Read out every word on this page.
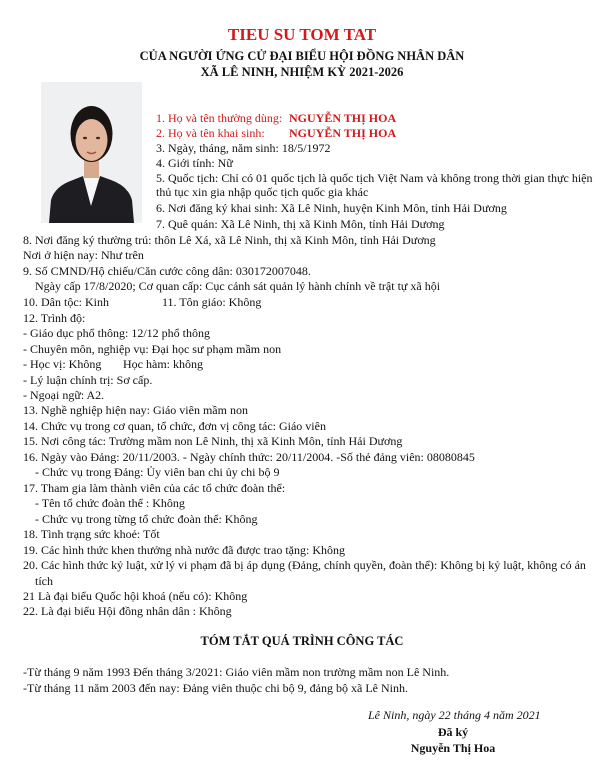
TIEU SU TOM TAT
CỦA NGƯỜI ỨNG CỬ ĐẠI BIỂU HỘI ĐỒNG NHÂN DÂN
XÃ LÊ NINH, NHIỆM KỲ 2021-2026
1. Họ và tên thường dùng: NGUYỄN THỊ HOA
2. Họ và tên khai sinh: NGUYỄN THỊ HOA
3. Ngày, tháng, năm sinh: 18/5/1972
4. Giới tính: Nữ
5. Quốc tịch: Chỉ có 01 quốc tịch là quốc tịch Việt Nam và không trong thời gian thực hiện
thủ tục xin gia nhập quốc tịch quốc gia khác
6. Nơi đăng ký khai sinh: Xã Lê Ninh, huyện Kinh Môn, tỉnh Hải Dương
7. Quê quán: Xã Lê Ninh, thị xã Kinh Môn, tỉnh Hải Dương
8. Nơi đăng ký thường trú: thôn Lê Xá, xã Lê Ninh, thị xã Kinh Môn, tỉnh Hải Dương
Nơi ở hiện nay: Như trên
9. Số CMND/Hộ chiếu/Căn cước công dân: 030172007048.
Ngày cấp 17/8/2020; Cơ quan cấp: Cục cảnh sát quản lý hành chính về trật tự xã hội
10. Dân tộc: Kinh	11. Tôn giáo: Không
12. Trình độ:
- Giáo dục phổ thông: 12/12 phổ thông
- Chuyên môn, nghiệp vụ: Đại học sư phạm mầm non
- Học vị: Không Học hàm: không
- Lý luận chính trị: Sơ cấp.
- Ngoại ngữ: A2.
13. Nghề nghiệp hiện nay: Giáo viên mầm non
14. Chức vụ trong cơ quan, tổ chức, đơn vị công tác: Giáo viên
15. Nơi công tác: Trường mầm non Lê Ninh, thị xã Kinh Môn, tỉnh Hải Dương
16. Ngày vào Đảng: 20/11/2003. - Ngày chính thức: 20/11/2004. -Số thẻ đảng viên: 08080845
- Chức vụ trong Đảng: Ủy viên ban chi ủy chi bộ 9
17. Tham gia làm thành viên của các tổ chức đoàn thể:
- Tên tổ chức đoàn thể : Không
- Chức vụ trong từng tổ chức đoàn thể: Không
18. Tình trạng sức khoẻ: Tốt
19. Các hình thức khen thưởng nhà nước đã được trao tặng: Không
20. Các hình thức kỷ luật, xử lý vi phạm đã bị áp dụng (Đảng, chính quyền, đoàn thể): Không bị kỷ luật, không có án
tích
21 Là đại biểu Quốc hội khoá (nếu có): Không
22. Là đại biểu Hội đồng nhân dân : Không
TÓM TẮT QUÁ TRÌNH CÔNG TÁC
-Từ tháng 9 năm 1993 Đến tháng 3/2021: Giáo viên mầm non trường mầm non Lê Ninh.
-Từ tháng 11 năm 2003 đến nay: Đảng viên thuộc chi bộ 9, đảng bộ xã Lê Ninh.
Lê Ninh, ngày 22 tháng 4 năm 2021
Đã ký
Nguyễn Thị Hoa
